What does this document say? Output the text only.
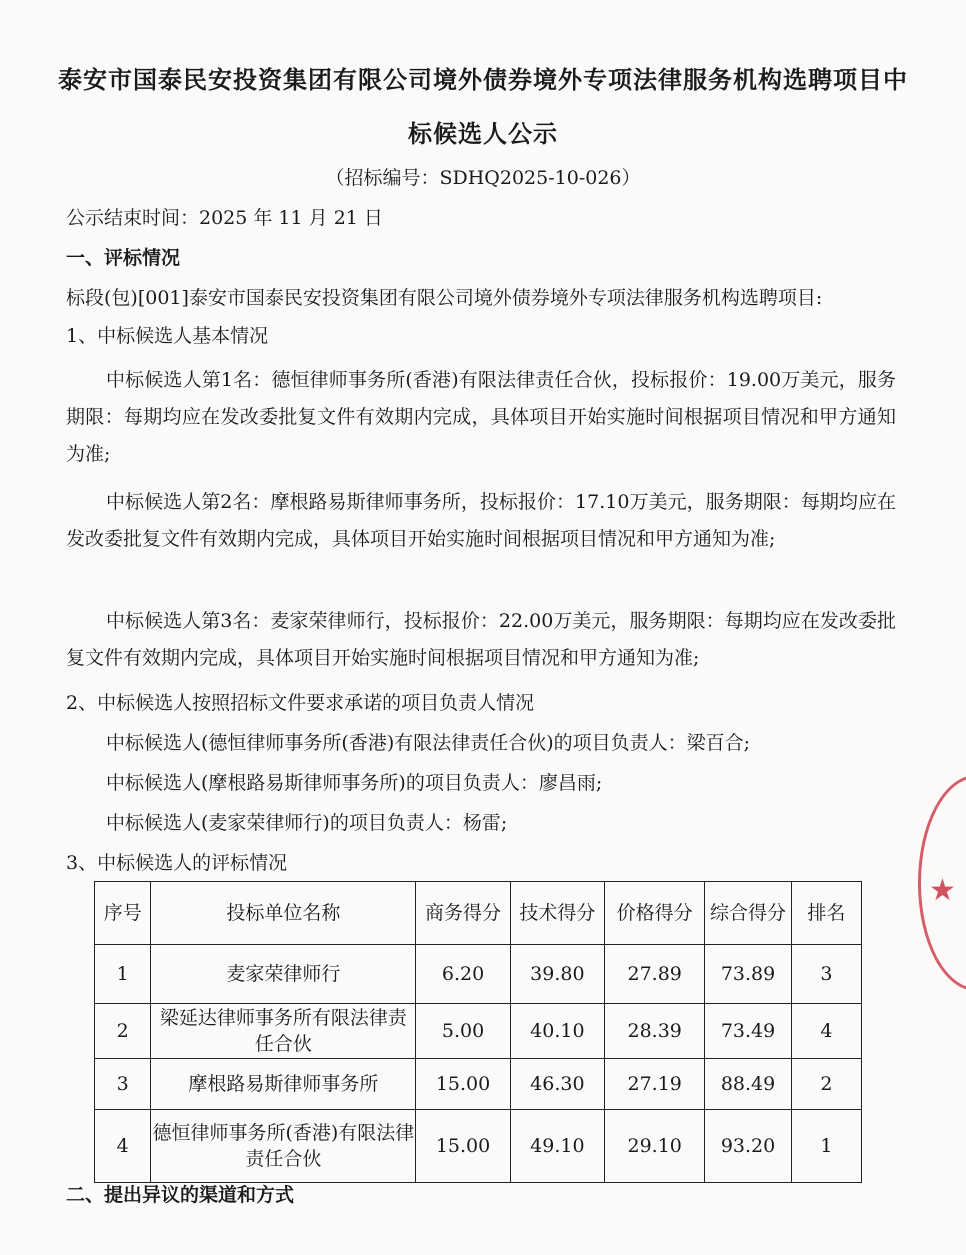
泰安市国泰民安投资集团有限公司境外债券境外专项法律服务机构选聘项目中
标候选人公示
（招标编号：SDHQ2025-10-026）
公示结束时间：2025 年 11 月 21 日
一、评标情况
标段(包)[001]泰安市国泰民安投资集团有限公司境外债券境外专项法律服务机构选聘项目:
1、中标候选人基本情况
中标候选人第1名：德恒律师事务所(香港)有限法律责任合伙，投标报价：19.00万美元，服务期限：每期均应在发改委批复文件有效期内完成，具体项目开始实施时间根据项目情况和甲方通知为准;
中标候选人第2名：摩根路易斯律师事务所，投标报价：17.10万美元，服务期限：每期均应在发改委批复文件有效期内完成，具体项目开始实施时间根据项目情况和甲方通知为准;
中标候选人第3名：麦家荣律师行，投标报价：22.00万美元，服务期限：每期均应在发改委批复文件有效期内完成，具体项目开始实施时间根据项目情况和甲方通知为准;
2、中标候选人按照招标文件要求承诺的项目负责人情况
中标候选人(德恒律师事务所(香港)有限法律责任合伙)的项目负责人：梁百合;
中标候选人(摩根路易斯律师事务所)的项目负责人：廖昌雨;
中标候选人(麦家荣律师行)的项目负责人：杨雷;
3、中标候选人的评标情况
序号	投标单位名称	商务得分	技术得分	价格得分	综合得分	排名
1	麦家荣律师行	6.20	39.80	27.89	73.89	3
2	梁延达律师事务所有限法律责任合伙	5.00	40.10	28.39	73.49	4
3	摩根路易斯律师事务所	15.00	46.30	27.19	88.49	2
4	德恒律师事务所(香港)有限法律责任合伙	15.00	49.10	29.10	93.20	1
二、提出异议的渠道和方式
★
